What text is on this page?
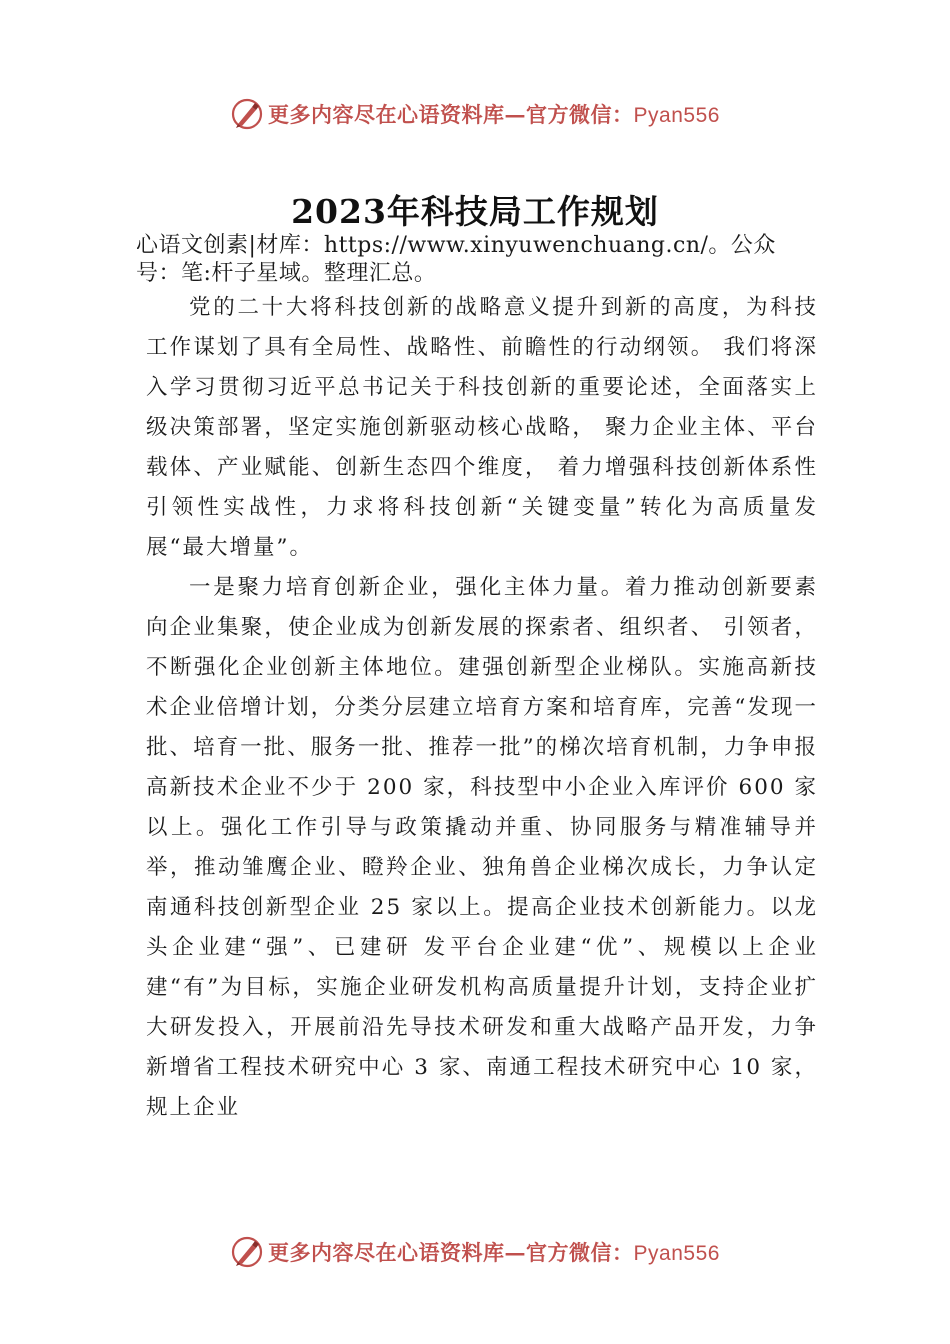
更多内容尽在心语资料库—官方微信：Pyan556
2023年科技局工作规划

心语文创素|材库：https://www.xinyuwenchuang.cn/。公众号：笔:杆子星域。整理汇总。

党的二十大将科技创新的战略意义提升到新的高度，为科技工作谋划了具有全局性、战略性、前瞻性的行动纲领。 我们将深入学习贯彻习近平总书记关于科技创新的重要论述，全面落实上级决策部署，坚定实施创新驱动核心战略， 聚力企业主体、平台载体、产业赋能、创新生态四个维度， 着力增强科技创新体系性引领性实战性，力求将科技创新“关键变量”转化为高质量发展“最大增量”。

一是聚力培育创新企业，强化主体力量。着力推动创新要素向企业集聚，使企业成为创新发展的探索者、组织者、 引领者，不断强化企业创新主体地位。建强创新型企业梯队。实施高新技术企业倍增计划，分类分层建立培育方案和培育库，完善“发现一批、培育一批、服务一批、推荐一批”的梯次培育机制，力争申报高新技术企业不少于 200 家，科技型中小企业入库评价 600 家以上。强化工作引导与政策撬动并重、协同服务与精准辅导并举，推动雏鹰企业、瞪羚企业、独角兽企业梯次成长，力争认定南通科技创新型企业 25 家以上。提高企业技术创新能力。以龙头企业建“强”、已建研 发平台企业建“优”、规模以上企业建“有”为目标，实施企业研发机构高质量提升计划，支持企业扩大研发投入，开展前沿先导技术研发和重大战略产品开发，力争新增省工程技术研究中心 3 家、南通工程技术研究中心 10 家，规上企业

更多内容尽在心语资料库—官方微信：Pyan556
